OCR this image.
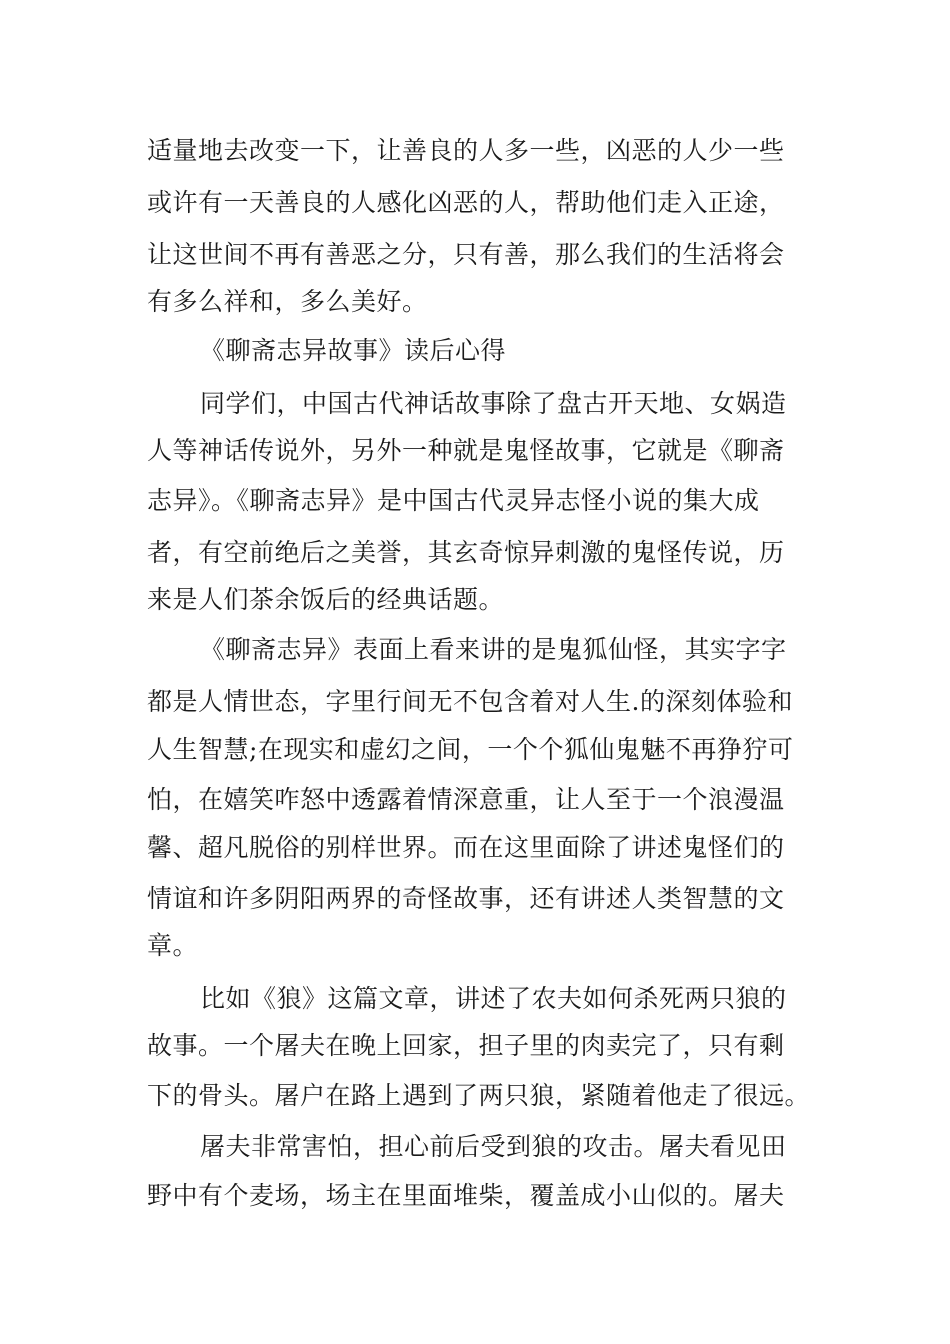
适量地去改变一下，让善良的人多一些，凶恶的人少一些
或许有一天善良的人感化凶恶的人，帮助他们走入正途，
让这世间不再有善恶之分，只有善，那么我们的生活将会
有多么祥和，多么美好。
《聊斋志异故事》读后心得
同学们，中国古代神话故事除了盘古开天地、女娲造
人等神话传说外，另外一种就是鬼怪故事，它就是《聊斋
志异》。《聊斋志异》是中国古代灵异志怪小说的集大成
者，有空前绝后之美誉，其玄奇惊异刺激的鬼怪传说，历
来是人们茶余饭后的经典话题。
《聊斋志异》表面上看来讲的是鬼狐仙怪，其实字字
都是人情世态，字里行间无不包含着对人生.的深刻体验和
人生智慧;在现实和虚幻之间，一个个狐仙鬼魅不再狰狞可
怕，在嬉笑咋怒中透露着情深意重，让人至于一个浪漫温
馨、超凡脱俗的别样世界。而在这里面除了讲述鬼怪们的
情谊和许多阴阳两界的奇怪故事，还有讲述人类智慧的文
章。
比如《狼》这篇文章，讲述了农夫如何杀死两只狼的
故事。一个屠夫在晚上回家，担子里的肉卖完了，只有剩
下的骨头。屠户在路上遇到了两只狼，紧随着他走了很远。
屠夫非常害怕，担心前后受到狼的攻击。屠夫看见田
野中有个麦场，场主在里面堆柴，覆盖成小山似的。屠夫
